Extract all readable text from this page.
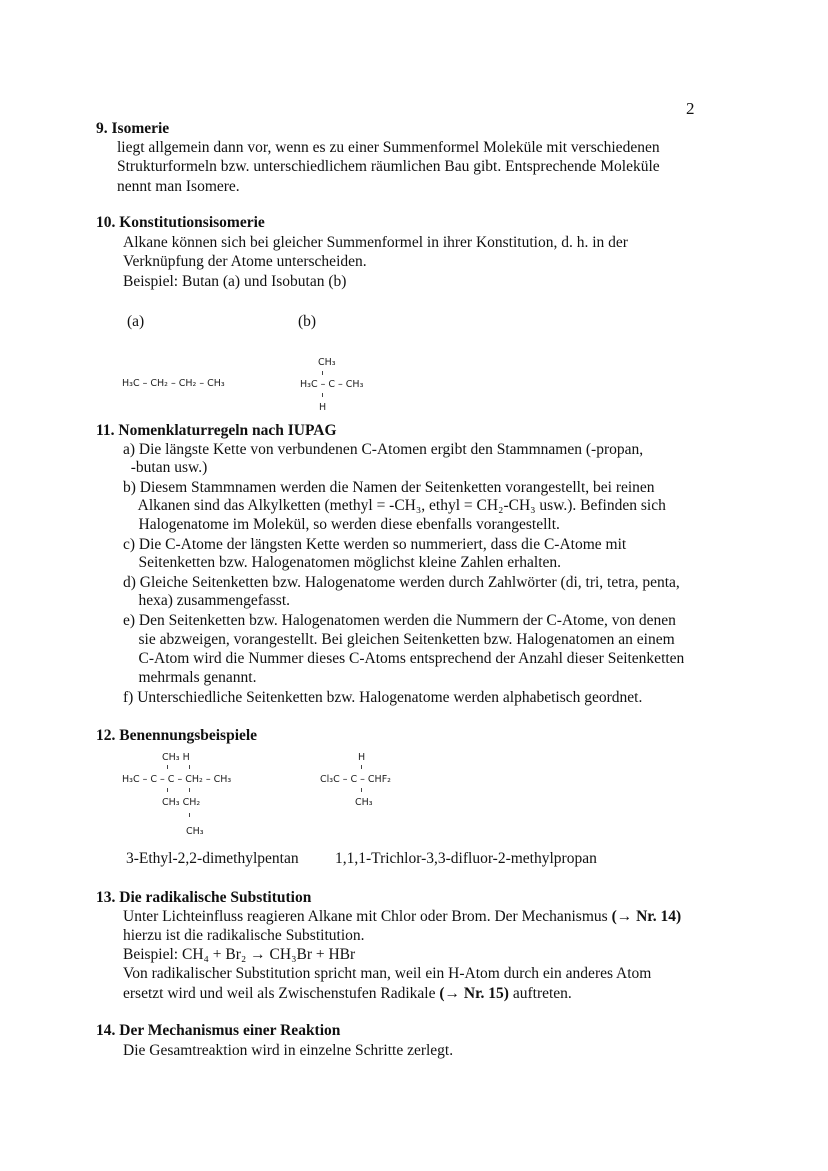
2
9. Isomerie
liegt allgemein dann vor, wenn es zu einer Summenformel Moleküle mit verschiedenen
Strukturformeln bzw. unterschiedlichem räumlichen Bau gibt. Entsprechende Moleküle
nennt man Isomere.
10. Konstitutionsisomerie
Alkane können sich bei gleicher Summenformel in ihrer Konstitution, d. h. in der
Verknüpfung der Atome unterscheiden.
Beispiel: Butan (a) und Isobutan (b)
(a)	(b)
H₃C – CH₂ – CH₂ – CH₃
CH₃
H₃C – C – CH₃
H
11. Nomenklaturregeln nach IUPAG
a) Die längste Kette von verbundenen C-Atomen ergibt den Stammnamen (-propan,
-butan usw.)
b) Diesem Stammnamen werden die Namen der Seitenketten vorangestellt, bei reinen
Alkanen sind das Alkylketten (methyl = -CH₃, ethyl = CH₂-CH₃ usw.). Befinden sich
Halogenatome im Molekül, so werden diese ebenfalls vorangestellt.
c) Die C-Atome der längsten Kette werden so nummeriert, dass die C-Atome mit
Seitenketten bzw. Halogenatomen möglichst kleine Zahlen erhalten.
d) Gleiche Seitenketten bzw. Halogenatome werden durch Zahlwörter (di, tri, tetra, penta,
hexa) zusammengefasst.
e) Den Seitenketten bzw. Halogenatomen werden die Nummern der C-Atome, von denen
sie abzweigen, vorangestellt. Bei gleichen Seitenketten bzw. Halogenatomen an einem
C-Atom wird die Nummer dieses C-Atoms entsprechend der Anzahl dieser Seitenketten
mehrmals genannt.
f) Unterschiedliche Seitenketten bzw. Halogenatome werden alphabetisch geordnet.
12. Benennungsbeispiele
CH₃ H
H₃C – C – C – CH₂ – CH₃
CH₃ CH₂
CH₃
H
Cl₃C – C – CHF₂
CH₃
3-Ethyl-2,2-dimethylpentan 1,1,1-Trichlor-3,3-difluor-2-methylpropan
13. Die radikalische Substitution
Unter Lichteinfluss reagieren Alkane mit Chlor oder Brom. Der Mechanismus (→ Nr. 14)
hierzu ist die radikalische Substitution.
Beispiel: CH₄ + Br₂ → CH₃Br + HBr
Von radikalischer Substitution spricht man, weil ein H-Atom durch ein anderes Atom
ersetzt wird und weil als Zwischenstufen Radikale (→ Nr. 15) auftreten.
14. Der Mechanismus einer Reaktion
Die Gesamtreaktion wird in einzelne Schritte zerlegt.
